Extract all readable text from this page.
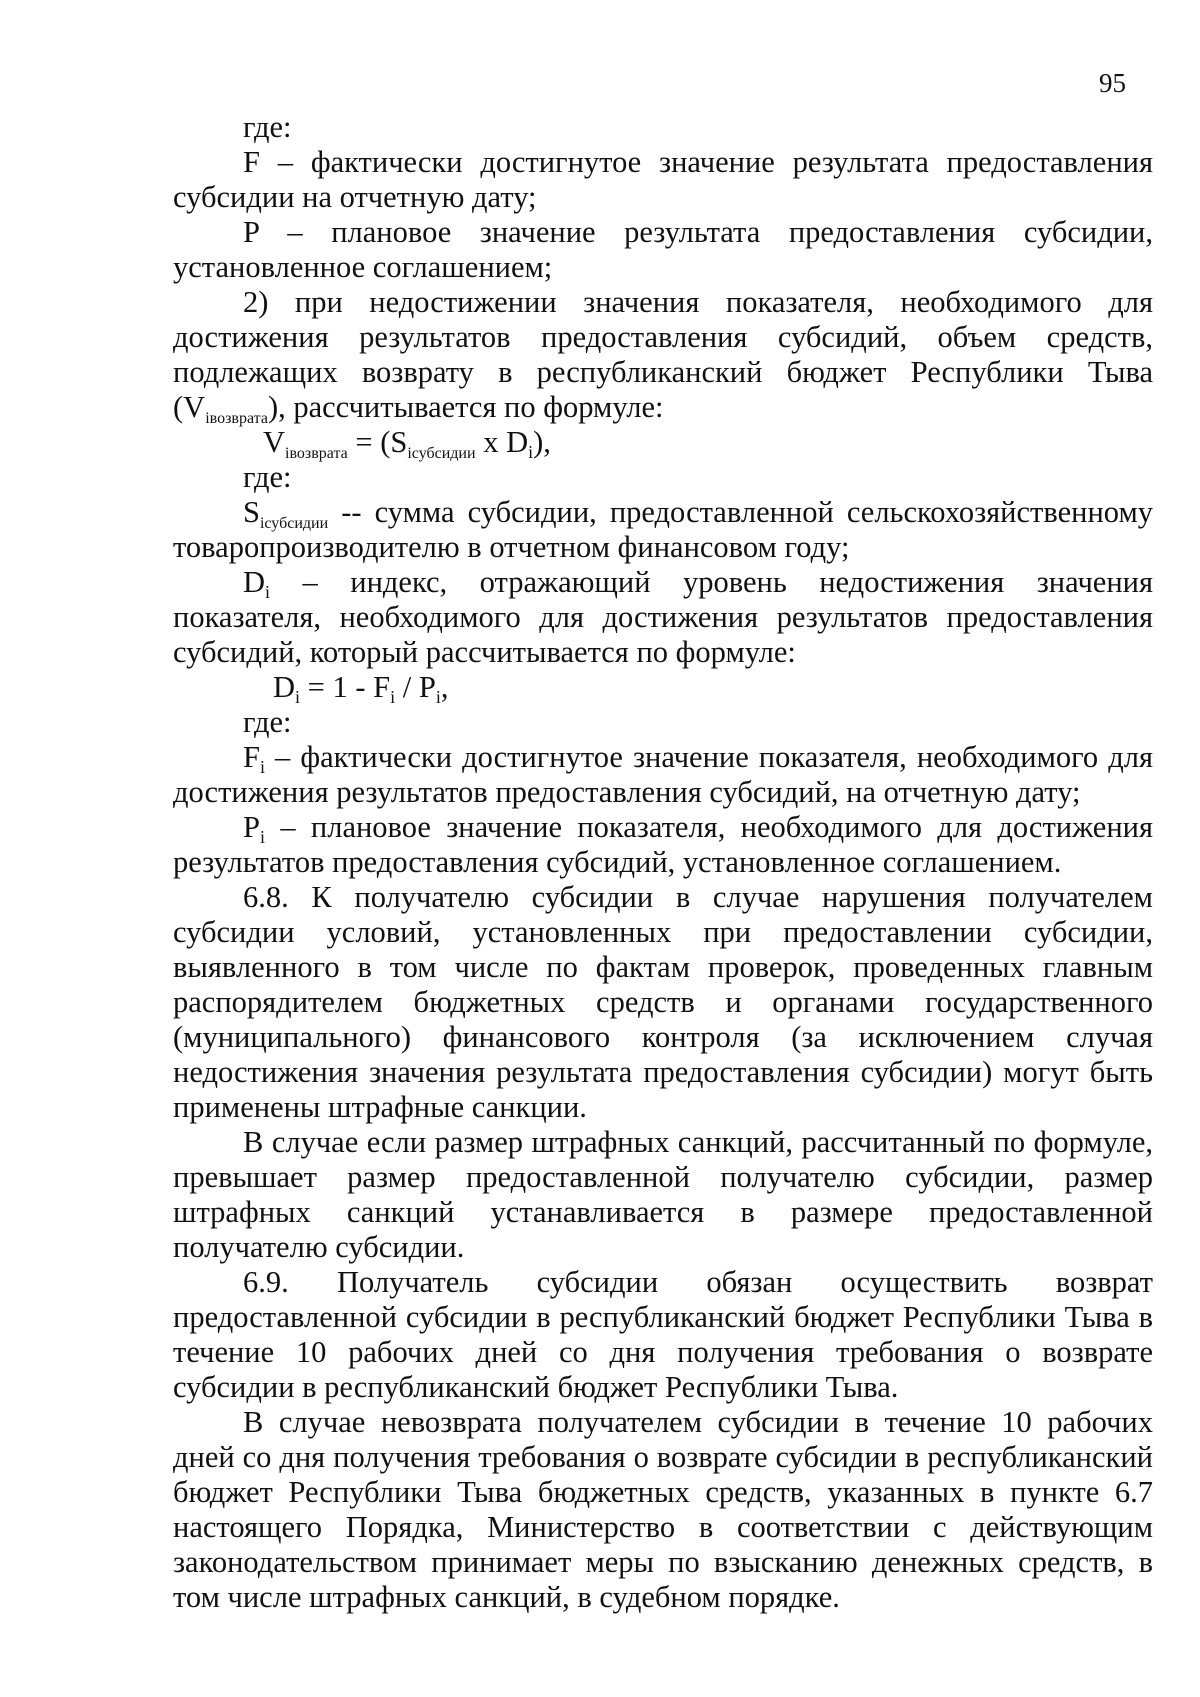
95

где:

F – фактически достигнутое значение результата предоставления субсидии на отчетную дату;

P – плановое значение результата предоставления субсидии, установленное соглашением;

2) при недостижении значения показателя, необходимого для достижения результатов предоставления субсидий, объем средств, подлежащих возврату в республиканский бюджет Республики Тыва $(V_{iвозврата})$, рассчитывается по формуле:

$V_{iвозврата} = (S_{iсубсидии}$ x Di),

где:

$S_{iсубсидии}$ -- сумма субсидии, предоставленной сельскохозяйственному товаропроизводителю в отчетном финансовом году;

Di – индекс, отражающий уровень недостижения значения показателя, необходимого для достижения результатов предоставления субсидий, который рассчитывается по формуле:

Di = 1 - Fi / Pi,

где:

Fi – фактически достигнутое значение показателя, необходимого для достижения результатов предоставления субсидий, на отчетную дату;

Pi – плановое значение показателя, необходимого для достижения результатов предоставления субсидий, установленное соглашением.

6.8. К получателю субсидии в случае нарушения получателем субсидии условий, установленных при предоставлении субсидии, выявленного в том числе по фактам проверок, проведенных главным распорядителем бюджетных средств и органами государственного (муниципального) финансового контроля (за исключением случая недостижения значения результата предоставления субсидии) могут быть применены штрафные санкции.

В случае если размер штрафных санкций, рассчитанный по формуле, превышает размер предоставленной получателю субсидии, размер штрафных санкций устанавливается в размере предоставленной получателю субсидии.

6.9. Получатель субсидии обязан осуществить возврат предоставленной субсидии в республиканский бюджет Республики Тыва в течение 10 рабочих дней со дня получения требования о возврате субсидии в республиканский бюджет Республики Тыва.

В случае невозврата получателем субсидии в течение 10 рабочих дней со дня получения требования о возврате субсидии в республиканский бюджет Республики Тыва бюджетных средств, указанных в пункте 6.7 настоящего Порядка, Министерство в соответствии с действующим законодательством принимает меры по взысканию денежных средств, в том числе штрафных санкций, в судебном порядке.
